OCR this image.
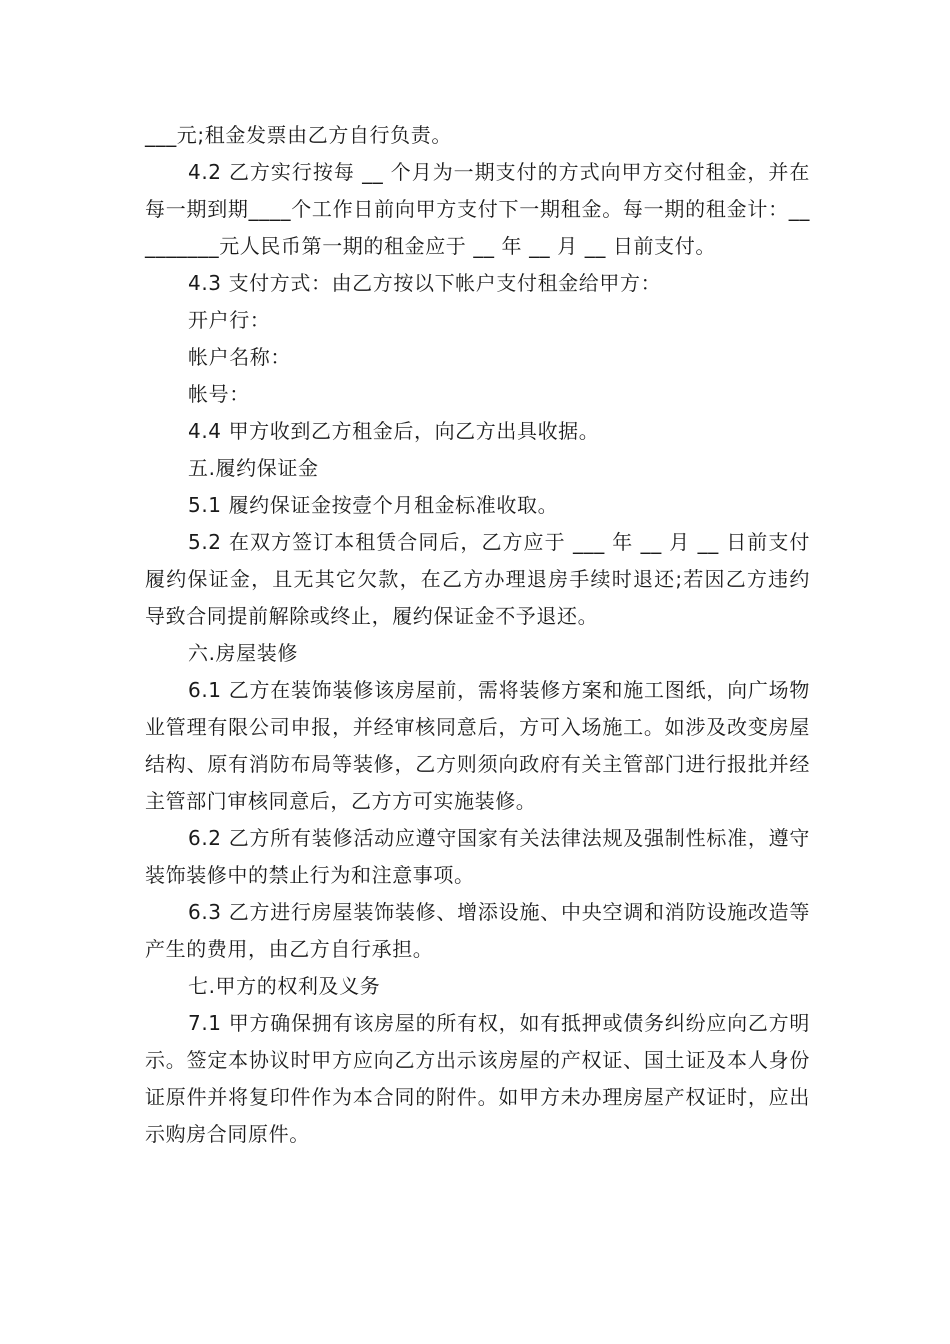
___元;租金发票由乙方自行负责。

4.2 乙方实行按每 __ 个月为一期支付的方式向甲方交付租金，并在每一期到期____个工作日前向甲方支付下一期租金。每一期的租金计：_________元人民币第一期的租金应于 __ 年 __ 月 __ 日前支付。

4.3 支付方式：由乙方按以下帐户支付租金给甲方：

开户行：

帐户名称：

帐号：

4.4 甲方收到乙方租金后，向乙方出具收据。

五.履约保证金

5.1 履约保证金按壹个月租金标准收取。

5.2 在双方签订本租赁合同后，乙方应于 ___ 年 __ 月 __ 日前支付履约保证金，且无其它欠款，在乙方办理退房手续时退还;若因乙方违约导致合同提前解除或终止，履约保证金不予退还。

六.房屋装修

6.1 乙方在装饰装修该房屋前，需将装修方案和施工图纸，向广场物业管理有限公司申报，并经审核同意后，方可入场施工。如涉及改变房屋结构、原有消防布局等装修，乙方则须向政府有关主管部门进行报批并经主管部门审核同意后，乙方方可实施装修。

6.2 乙方所有装修活动应遵守国家有关法律法规及强制性标准，遵守装饰装修中的禁止行为和注意事项。

6.3 乙方进行房屋装饰装修、增添设施、中央空调和消防设施改造等产生的费用，由乙方自行承担。

七.甲方的权利及义务

7.1 甲方确保拥有该房屋的所有权，如有抵押或债务纠纷应向乙方明示。签定本协议时甲方应向乙方出示该房屋的产权证、国土证及本人身份证原件并将复印件作为本合同的附件。如甲方未办理房屋产权证时，应出示购房合同原件。
